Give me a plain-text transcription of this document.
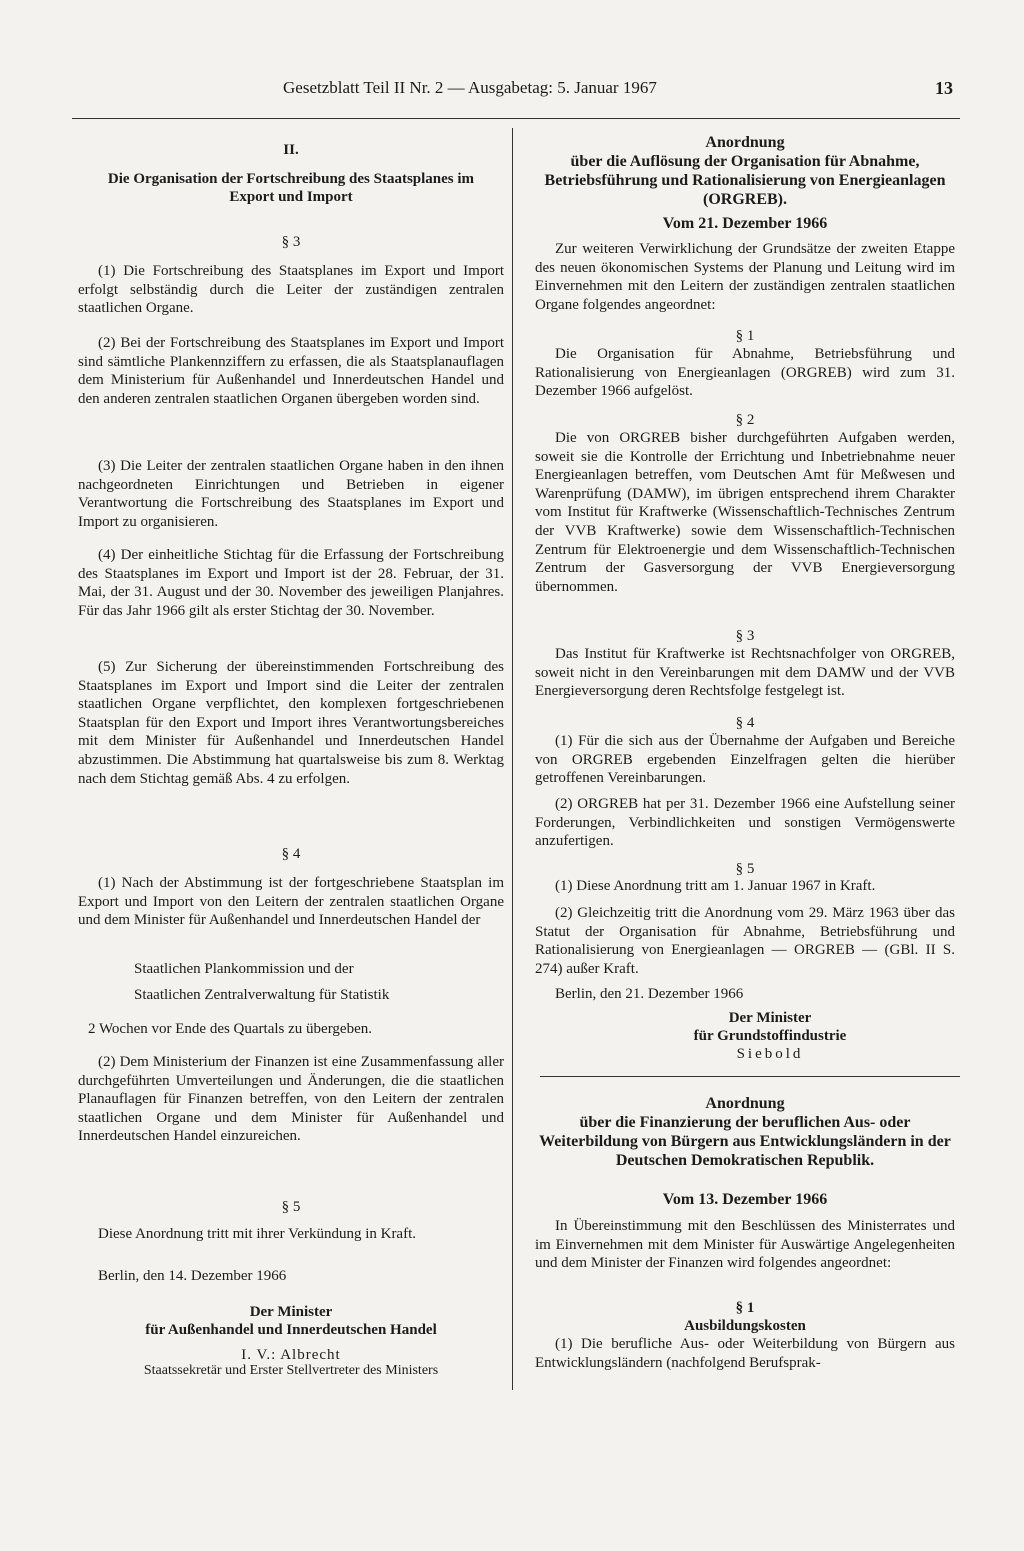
Gesetzblatt Teil II Nr. 2 — Ausgabetag: 5. Januar 1967	13
II.
Die Organisation der Fortschreibung des Staatsplanes im Export und Import
§ 3
(1) Die Fortschreibung des Staatsplanes im Export und Import erfolgt selbständig durch die Leiter der zuständigen zentralen staatlichen Organe.
(2) Bei der Fortschreibung des Staatsplanes im Export und Import sind sämtliche Plankennziffern zu erfassen, die als Staatsplanauflagen dem Ministerium für Außenhandel und Innerdeutschen Handel und den anderen zentralen staatlichen Organen übergeben worden sind.
(3) Die Leiter der zentralen staatlichen Organe haben in den ihnen nachgeordneten Einrichtungen und Betrieben in eigener Verantwortung die Fortschreibung des Staatsplanes im Export und Import zu organisieren.
(4) Der einheitliche Stichtag für die Erfassung der Fortschreibung des Staatsplanes im Export und Import ist der 28. Februar, der 31. Mai, der 31. August und der 30. November des jeweiligen Planjahres. Für das Jahr 1966 gilt als erster Stichtag der 30. November.
(5) Zur Sicherung der übereinstimmenden Fortschreibung des Staatsplanes im Export und Import sind die Leiter der zentralen staatlichen Organe verpflichtet, den komplexen fortgeschriebenen Staatsplan für den Export und Import ihres Verantwortungsbereiches mit dem Minister für Außenhandel und Innerdeutschen Handel abzustimmen. Die Abstimmung hat quartalsweise bis zum 8. Werktag nach dem Stichtag gemäß Abs. 4 zu erfolgen.
§ 4
(1) Nach der Abstimmung ist der fortgeschriebene Staatsplan im Export und Import von den Leitern der zentralen staatlichen Organe und dem Minister für Außenhandel und Innerdeutschen Handel der
Staatlichen Plankommission und der
Staatlichen Zentralverwaltung für Statistik
2 Wochen vor Ende des Quartals zu übergeben.
(2) Dem Ministerium der Finanzen ist eine Zusammenfassung aller durchgeführten Umverteilungen und Änderungen, die die staatlichen Planauflagen für Finanzen betreffen, von den Leitern der zentralen staatlichen Organe und dem Minister für Außenhandel und Innerdeutschen Handel einzureichen.
§ 5
Diese Anordnung tritt mit ihrer Verkündung in Kraft.
Berlin, den 14. Dezember 1966
Der Minister
für Außenhandel und Innerdeutschen Handel
I. V.: Albrecht
Staatssekretär und Erster Stellvertreter des Ministers
Anordnung
über die Auflösung der Organisation für Abnahme, Betriebsführung und Rationalisierung von Energieanlagen (ORGREB).
Vom 21. Dezember 1966
Zur weiteren Verwirklichung der Grundsätze der zweiten Etappe des neuen ökonomischen Systems der Planung und Leitung wird im Einvernehmen mit den Leitern der zuständigen zentralen staatlichen Organe folgendes angeordnet:
§ 1
Die Organisation für Abnahme, Betriebsführung und Rationalisierung von Energieanlagen (ORGREB) wird zum 31. Dezember 1966 aufgelöst.
§ 2
Die von ORGREB bisher durchgeführten Aufgaben werden, soweit sie die Kontrolle der Errichtung und Inbetriebnahme neuer Energieanlagen betreffen, vom Deutschen Amt für Meßwesen und Warenprüfung (DAMW), im übrigen entsprechend ihrem Charakter vom Institut für Kraftwerke (Wissenschaftlich-Technisches Zentrum der VVB Kraftwerke) sowie dem Wissenschaftlich-Technischen Zentrum für Elektroenergie und dem Wissenschaftlich-Technischen Zentrum der Gasversorgung der VVB Energieversorgung übernommen.
§ 3
Das Institut für Kraftwerke ist Rechtsnachfolger von ORGREB, soweit nicht in den Vereinbarungen mit dem DAMW und der VVB Energieversorgung deren Rechtsfolge festgelegt ist.
§ 4
(1) Für die sich aus der Übernahme der Aufgaben und Bereiche von ORGREB ergebenden Einzelfragen gelten die hierüber getroffenen Vereinbarungen.
(2) ORGREB hat per 31. Dezember 1966 eine Aufstellung seiner Forderungen, Verbindlichkeiten und sonstigen Vermögenswerte anzufertigen.
§ 5
(1) Diese Anordnung tritt am 1. Januar 1967 in Kraft.
(2) Gleichzeitig tritt die Anordnung vom 29. März 1963 über das Statut der Organisation für Abnahme, Betriebsführung und Rationalisierung von Energieanlagen — ORGREB — (GBl. II S. 274) außer Kraft.
Berlin, den 21. Dezember 1966
Der Minister
für Grundstoffindustrie
Siebold
Anordnung
über die Finanzierung der beruflichen Aus- oder Weiterbildung von Bürgern aus Entwicklungsländern in der Deutschen Demokratischen Republik.
Vom 13. Dezember 1966
In Übereinstimmung mit den Beschlüssen des Ministerrates und im Einvernehmen mit dem Minister für Auswärtige Angelegenheiten und dem Minister der Finanzen wird folgendes angeordnet:
§ 1
Ausbildungskosten
(1) Die berufliche Aus- oder Weiterbildung von Bürgern aus Entwicklungsländern (nachfolgend Berufsprak-
